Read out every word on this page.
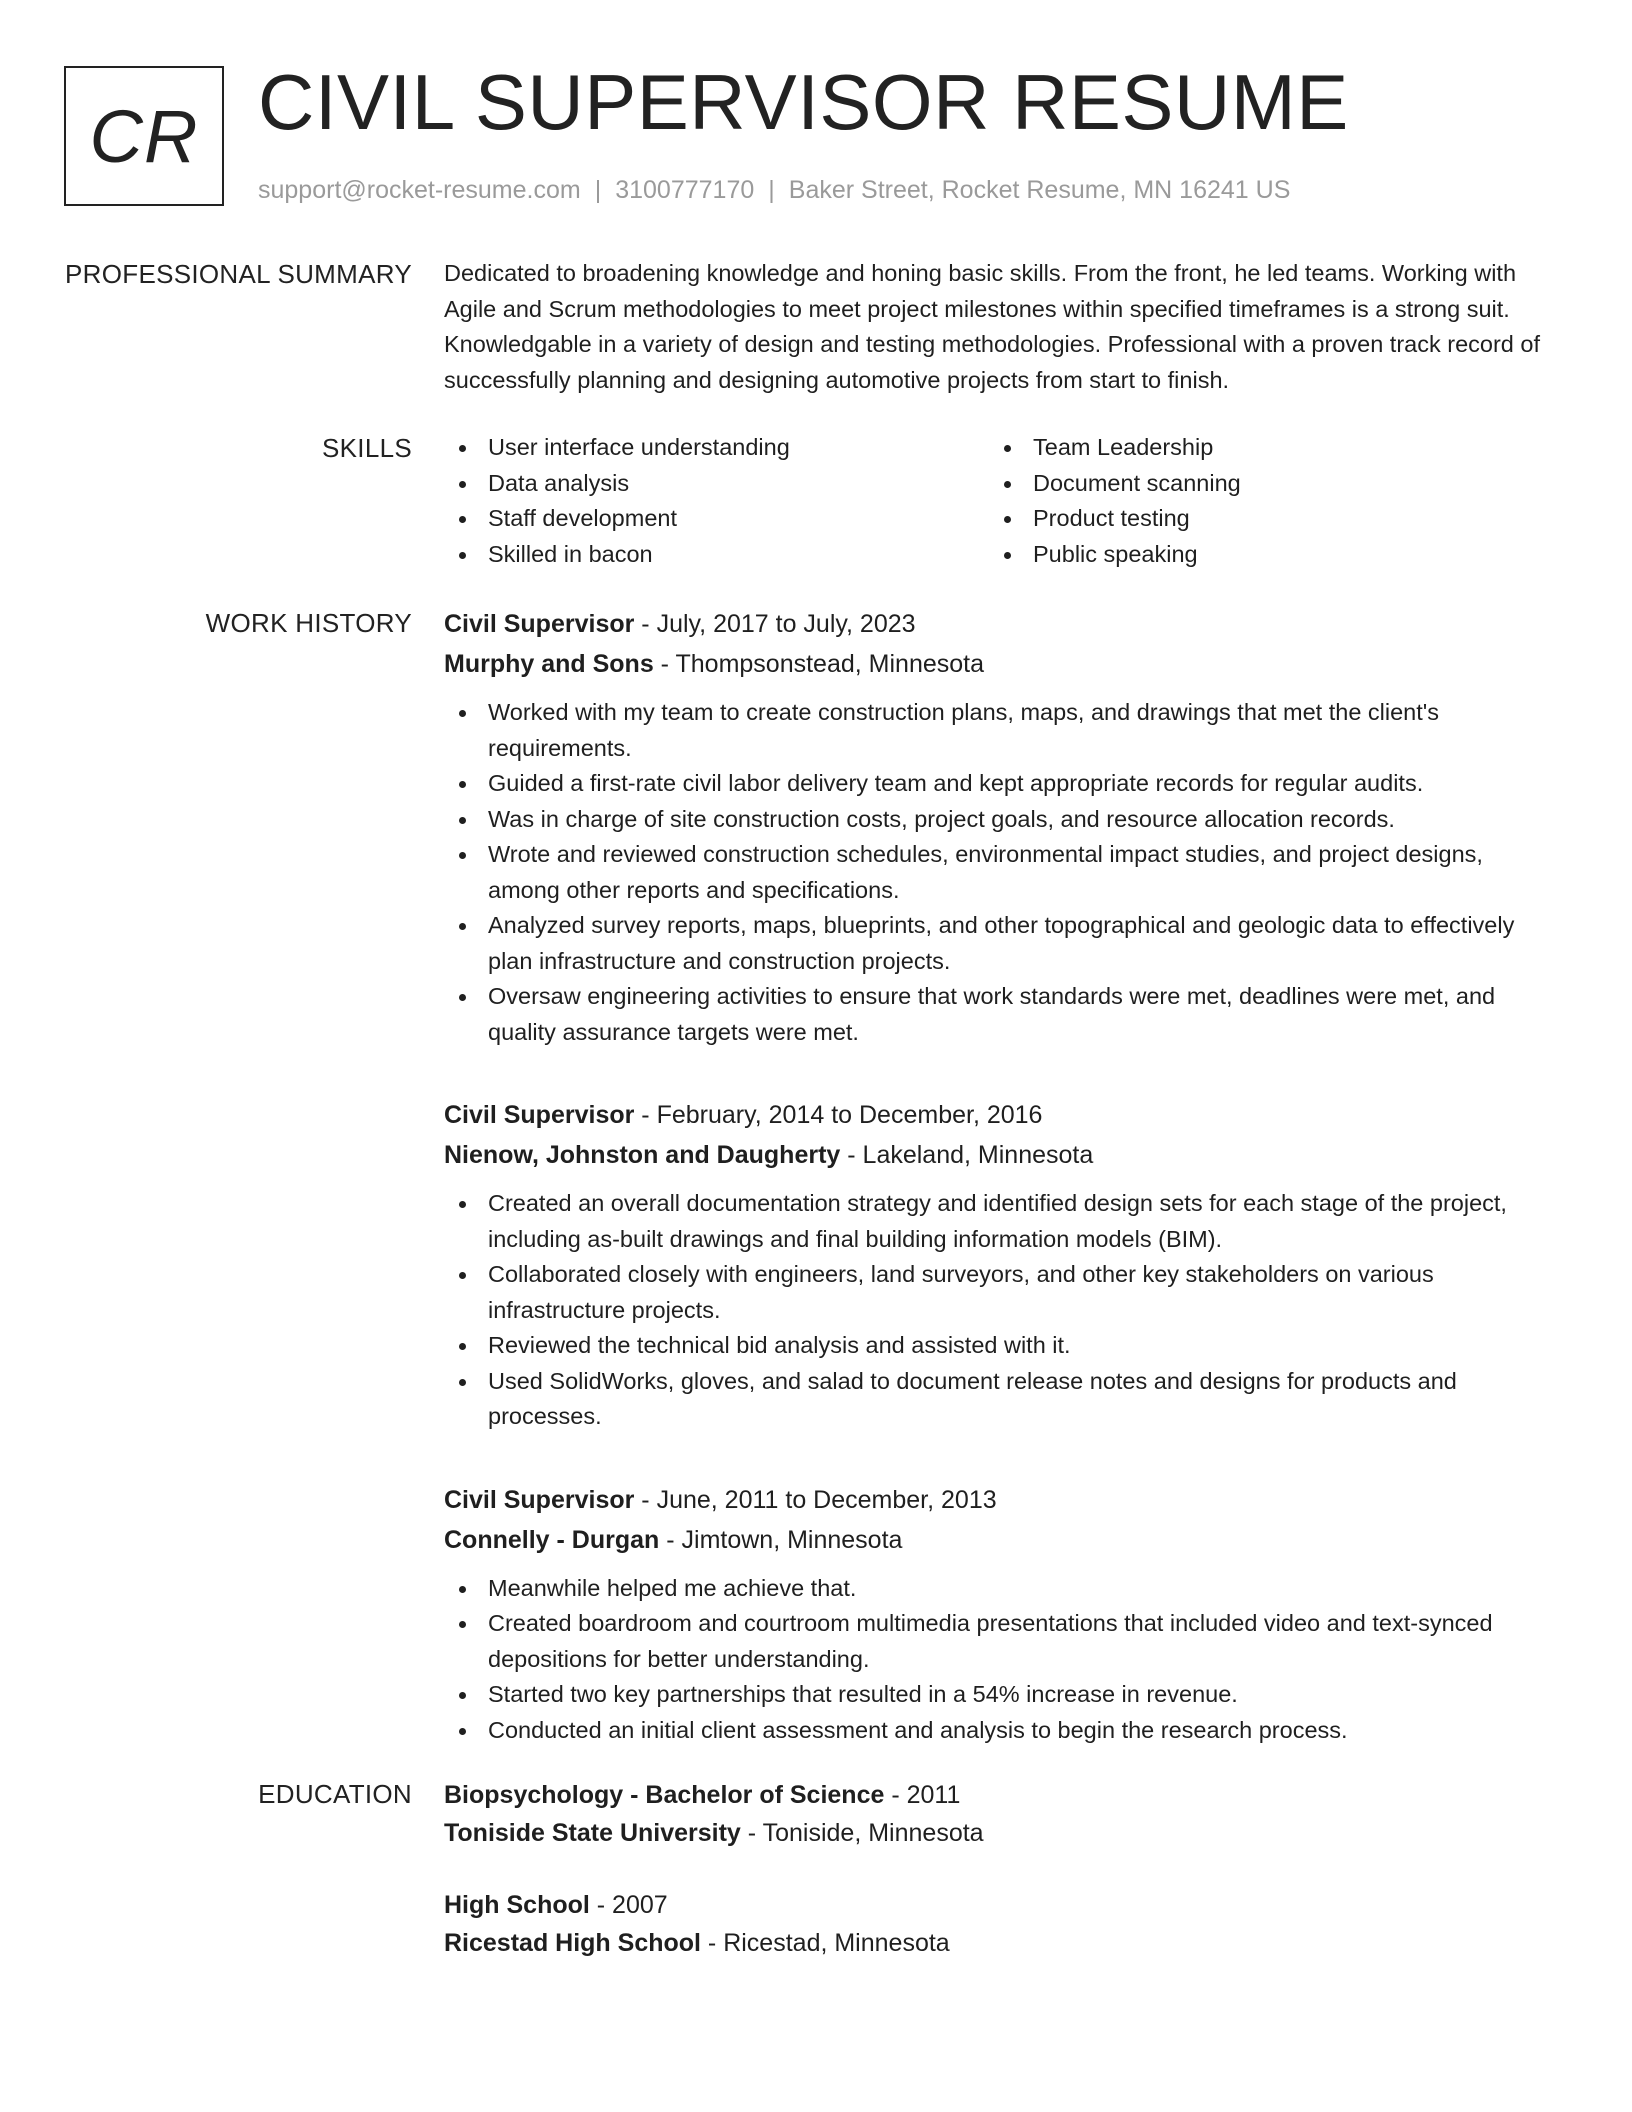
CR CIVIL SUPERVISOR RESUME
support@rocket-resume.com | 3100777170 | Baker Street, Rocket Resume, MN 16241 US
PROFESSIONAL SUMMARY Dedicated to broadening knowledge and honing basic skills. From the front, he led teams. Working with Agile and Scrum methodologies to meet project milestones within specified timeframes is a strong suit. Knowledgable in a variety of design and testing methodologies. Professional with a proven track record of successfully planning and designing automotive projects from start to finish.

SKILLS	User interface understanding
Data analysis
Staff development
Skilled in bacon
Team Leadership
Document scanning
Product testing
Public speaking
WORK HISTORY Civil Supervisor - July, 2017 to July, 2023
Murphy and Sons - Thompsonstead, Minnesota
Worked with my team to create construction plans, maps, and drawings that met the client's requirements.
Guided a first-rate civil labor delivery team and kept appropriate records for regular audits.
Was in charge of site construction costs, project goals, and resource allocation records.
Wrote and reviewed construction schedules, environmental impact studies, and project designs, among other reports and specifications.
Analyzed survey reports, maps, blueprints, and other topographical and geologic data to effectively plan infrastructure and construction projects.
Oversaw engineering activities to ensure that work standards were met, deadlines were met, and quality assurance targets were met.
Civil Supervisor - February, 2014 to December, 2016
Nienow, Johnston and Daugherty - Lakeland, Minnesota
Created an overall documentation strategy and identified design sets for each stage of the project, including as-built drawings and final building information models (BIM).
Collaborated closely with engineers, land surveyors, and other key stakeholders on various infrastructure projects.
Reviewed the technical bid analysis and assisted with it.
Used SolidWorks, gloves, and salad to document release notes and designs for products and processes.
Civil Supervisor - June, 2011 to December, 2013
Connelly - Durgan - Jimtown, Minnesota
Meanwhile helped me achieve that.
Created boardroom and courtroom multimedia presentations that included video and text-synced depositions for better understanding.
Started two key partnerships that resulted in a 54% increase in revenue.
Conducted an initial client assessment and analysis to begin the research process.
EDUCATION Biopsychology - Bachelor of Science - 2011
Toniside State University - Toniside, Minnesota
High School - 2007
Ricestad High School - Ricestad, Minnesota
